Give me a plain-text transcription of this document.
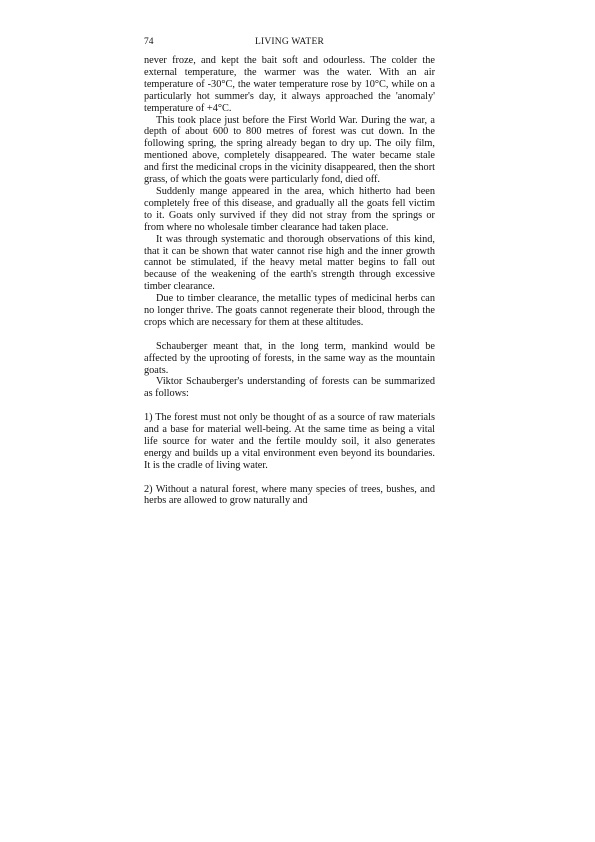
74	LIVING WATER

never froze, and kept the bait soft and odourless. The colder the external temperature, the warmer was the water. With an air temperature of -30°C, the water temperature rose by 10°C, while on a particularly hot summer's day, it always approached the 'anomaly' temperature of +4°C.

This took place just before the First World War. During the war, a depth of about 600 to 800 metres of forest was cut down. In the following spring, the spring already began to dry up. The oily film, mentioned above, completely disappeared. The water became stale and first the medicinal crops in the vicinity disappeared, then the short grass, of which the goats were particularly fond, died off.

Suddenly mange appeared in the area, which hitherto had been completely free of this disease, and gradually all the goats fell victim to it. Goats only survived if they did not stray from the springs or from where no wholesale timber clearance had taken place.

It was through systematic and thorough observations of this kind, that it can be shown that water cannot rise high and the inner growth cannot be stimulated, if the heavy metal matter begins to fall out because of the weakening of the earth's strength through excessive timber clearance.

Due to timber clearance, the metallic types of medicinal herbs can no longer thrive. The goats cannot regenerate their blood, through the crops which are necessary for them at these altitudes.

Schauberger meant that, in the long term, mankind would be affected by the uprooting of forests, in the same way as the mountain goats.

Viktor Schauberger's understanding of forests can be summarized as follows:

1) The forest must not only be thought of as a source of raw materials and a base for material well-being. At the same time as being a vital life source for water and the fertile mouldy soil, it also generates energy and builds up a vital environment even beyond its boundaries. It is the cradle of living water.

2) Without a natural forest, where many species of trees, bushes, and herbs are allowed to grow naturally and
